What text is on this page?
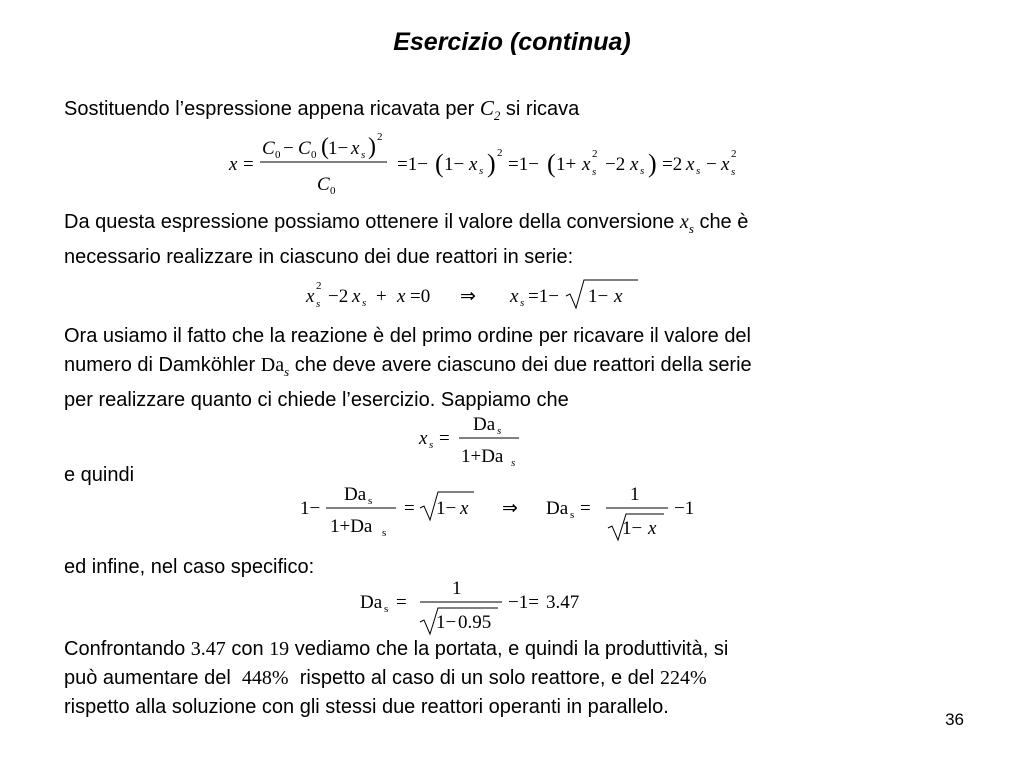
Esercizio (continua)
Sostituendo l’espressione appena ricavata per $C_2$ si ricava
x =
C 0 − C 0 ( 1− x s ) 2
C 0
=1− ( 1− x s ) 2
=1− ( 1+ x 2
s −2 x s ) =2 x s − x 2
s
Da questa espressione possiamo ottenere il valore della conversione $x_s$ che è
necessario realizzare in ciascuno dei due reattori in serie:
x 2
s −2 x s + x =0 ⇒ x s =1− 1− x
Ora usiamo il fatto che la reazione è del primo ordine per ricavare il valore del
numero di Damköhler $Da_s$ che deve avere ciascuno dei due reattori della serie
per realizzare quanto ci chiede l’esercizio. Sappiamo che
x s =
Da s
1+Da s
e quindi
1−
Da s
1+Da s
= 1− x ⇒ Da s =
1
1− x
−1
ed infine, nel caso specifico:
Da s =
1
1− 0.95
−1= 3.47
Confrontando 3.47 con 19 vediamo che la portata, e quindi la produttività, si
può aumentare del 448% rispetto al caso di un solo reattore, e del 224%
rispetto alla soluzione con gli stessi due reattori operanti in parallelo.
36
